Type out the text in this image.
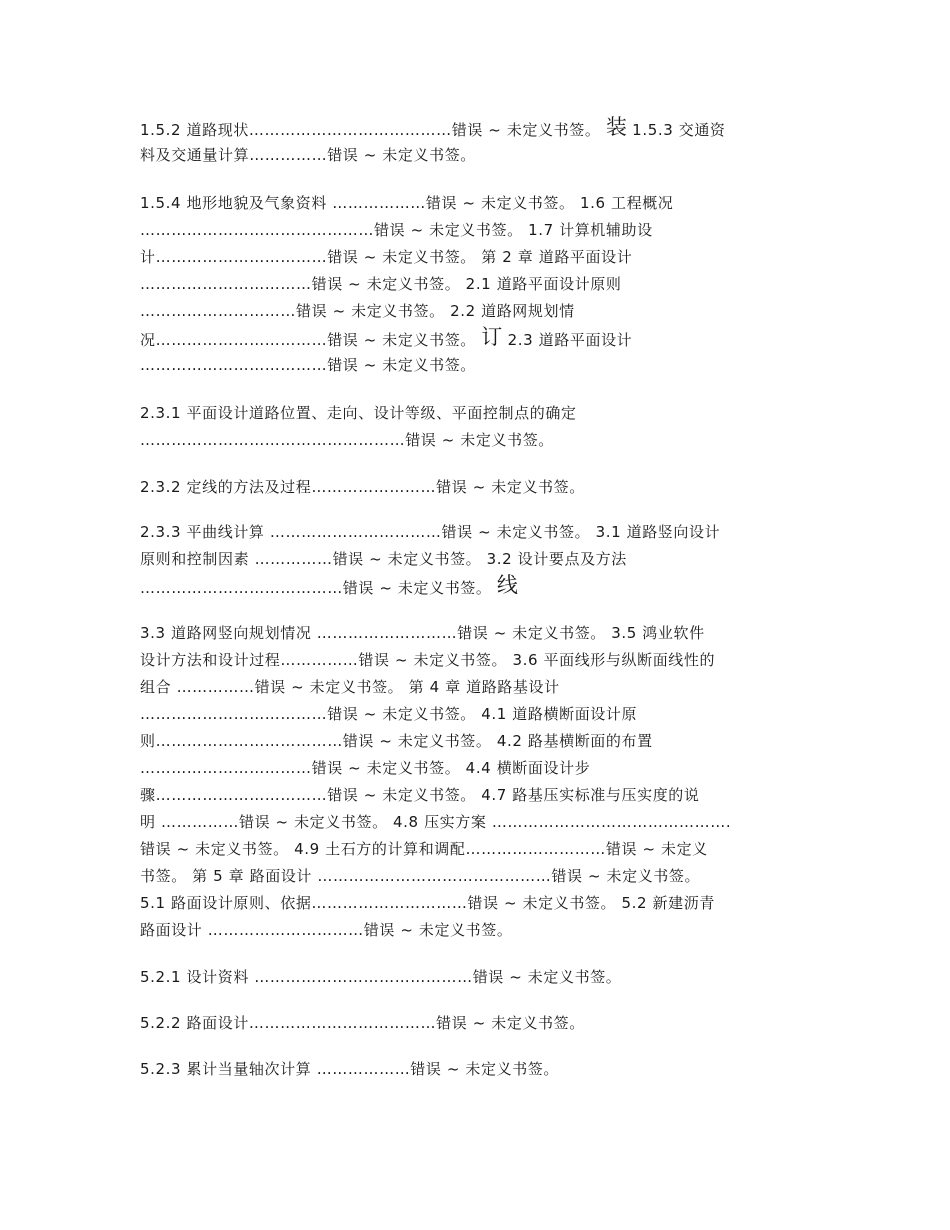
1.5.2 道路现状…………………………………错误 ~ 未定义书签。 装 1.5.3 交通资
料及交通量计算……………错误 ~ 未定义书签。
1.5.4 地形地貌及气象资料 ………………错误 ~ 未定义书签。 1.6 工程概况
………………………………………错误 ~ 未定义书签。 1.7 计算机辅助设
计……………………………错误 ~ 未定义书签。 第 2 章 道路平面设计
……………………………错误 ~ 未定义书签。 2.1 道路平面设计原则
…………………………错误 ~ 未定义书签。 2.2 道路网规划情
况……………………………错误 ~ 未定义书签。 订 2.3 道路平面设计
………………………………错误 ~ 未定义书签。
2.3.1 平面设计道路位置、走向、设计等级、平面控制点的确定
……………………………………………错误 ~ 未定义书签。
2.3.2 定线的方法及过程……………………错误 ~ 未定义书签。
2.3.3 平曲线计算 ……………………………错误 ~ 未定义书签。 3.1 道路竖向设计
原则和控制因素 ……………错误 ~ 未定义书签。 3.2 设计要点及方法
…………………………………错误 ~ 未定义书签。 线
3.3 道路网竖向规划情况 ………………………错误 ~ 未定义书签。 3.5 鸿业软件
设计方法和设计过程……………错误 ~ 未定义书签。 3.6 平面线形与纵断面线性的
组合 ……………错误 ~ 未定义书签。 第 4 章 道路路基设计
………………………………错误 ~ 未定义书签。 4.1 道路横断面设计原
则………………………………错误 ~ 未定义书签。 4.2 路基横断面的布置
……………………………错误 ~ 未定义书签。 4.4 横断面设计步
骤……………………………错误 ~ 未定义书签。 4.7 路基压实标准与压实度的说
明 ……………错误 ~ 未定义书签。 4.8 压实方案 ……………………………………….
错误 ~ 未定义书签。 4.9 土石方的计算和调配………………………错误 ~ 未定义
书签。 第 5 章 路面设计 ………………………………………错误 ~ 未定义书签。
5.1 路面设计原则、依据…………………………错误 ~ 未定义书签。 5.2 新建沥青
路面设计 …………………………错误 ~ 未定义书签。
5.2.1 设计资料 ……………………………………错误 ~ 未定义书签。
5.2.2 路面设计………………………………错误 ~ 未定义书签。
5.2.3 累计当量轴次计算 ………………错误 ~ 未定义书签。
